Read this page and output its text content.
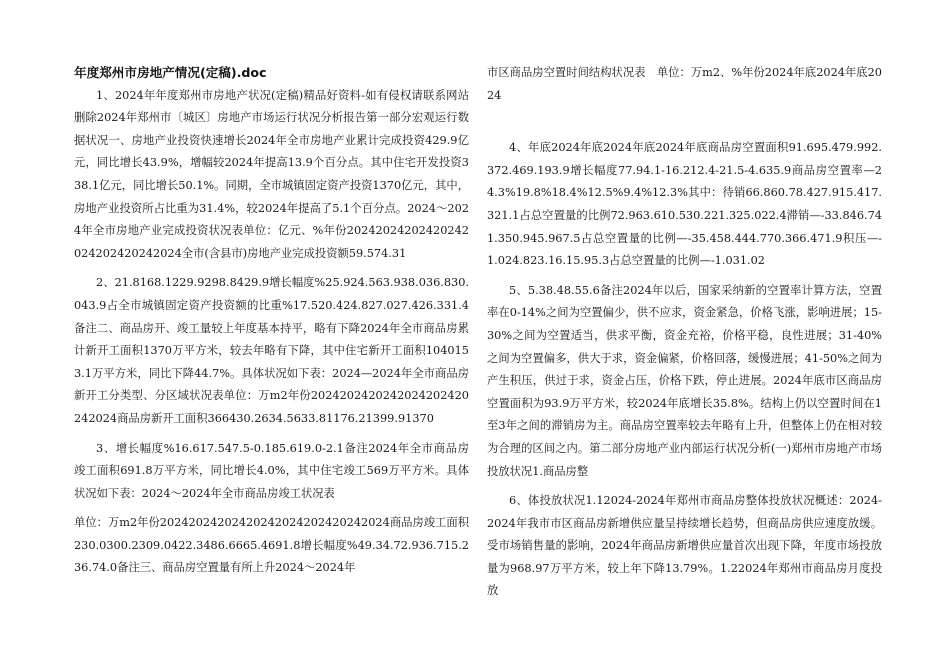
年度郑州市房地产情况(定稿).doc

1、2024年年度郑州市房地产状况(定稿)精品好资料-如有侵权请联系网站删除2024年郑州市〔城区〕房地产市场运行状况分析报告第一部分宏观运行数据状况一、房地产业投资快速增长2024年全市房地产业累计完成投资429.9亿元，同比增长43.9%，增幅较2024年提高13.9个百分点。其中住宅开发投资338.1亿元，同比增长50.1%。同期，全市城镇固定资产投资1370亿元，其中，房地产业投资所占比重为31.4%，较2024年提高了5.1个百分点。2024～2024年全市房地产业完成投资状况表单位：亿元、%年份20242024202420242024202420242024全市(含县市)房地产业完成投资额59.574.31

2、21.8168.1229.9298.8429.9增长幅度%25.924.563.938.036.830.043.9占全市城镇固定资产投资额的比重%17.520.424.827.027.426.331.4备注二、商品房开、竣工量较上年度基本持平，略有下降2024年全市商品房累计新开工面积1370万平方米，较去年略有下降，其中住宅新开工面积1040153.1万平方米，同比下降44.7%。具体状况如下表：2024—2024年全市商品房新开工分类型、分区域状况表单位：万m2年份2024202420242024202420242024商品房新开工面积366430.2634.5633.81176.21399.91370

3、增长幅度%16.617.547.5-0.185.619.0-2.1备注2024年全市商品房竣工面积691.8万平方米，同比增长4.0%，其中住宅竣工569万平方米。具体状况如下表：2024～2024年全市商品房竣工状况表

单位：万m2年份20242024202420242024202420242024商品房竣工面积230.0300.2309.0422.3486.6665.4691.8增长幅度%49.34.72.936.715.236.74.0备注三、商品房空置量有所上升2024～2024年

市区商品房空置时间结构状况表　单位：万m2、%年份2024年底2024年底2024

4、年底2024年底2024年底2024年底商品房空置面积91.695.479.992.372.469.193.9增长幅度77.94.1-16.212.4-21.5-4.635.9商品房空置率—24.3%19.8%18.4%12.5%9.4%12.3%其中：待销66.860.78.427.915.417.321.1占总空置量的比例72.963.610.530.221.325.022.4滞销—-33.846.741.350.945.967.5占总空置量的比例—-35.458.444.770.366.471.9积压—-1.024.823.16.15.95.3占总空置量的比例—-1.031.02

5、5.38.48.55.6备注2024年以后，国家采纳新的空置率计算方法，空置率在0-14%之间为空置偏少，供不应求，资金紧急，价格飞涨，影响进展；15-30%之间为空置适当，供求平衡，资金充裕，价格平稳，良性进展；31-40%之间为空置偏多，供大于求，资金偏紧，价格回落，缓慢进展；41-50%之间为产生积压，供过于求，资金占压，价格下跌，停止进展。2024年底市区商品房空置面积为93.9万平方米，较2024年底增长35.8%。结构上仍以空置时间在1至3年之间的滞销房为主。商品房空置率较去年略有上升，但整体上仍在相对较为合理的区间之内。第二部分房地产业内部运行状况分析(一)郑州市房地产市场投放状况1.商品房整

6、体投放状况1.12024-2024年郑州市商品房整体投放状况概述：2024-2024年我市市区商品房新增供应量呈持续增长趋势，但商品房供应速度放缓。受市场销售量的影响，2024年商品房新增供应量首次出现下降，年度市场投放量为968.97万平方米，较上年下降13.79%。1.22024年郑州市商品房月度投放
